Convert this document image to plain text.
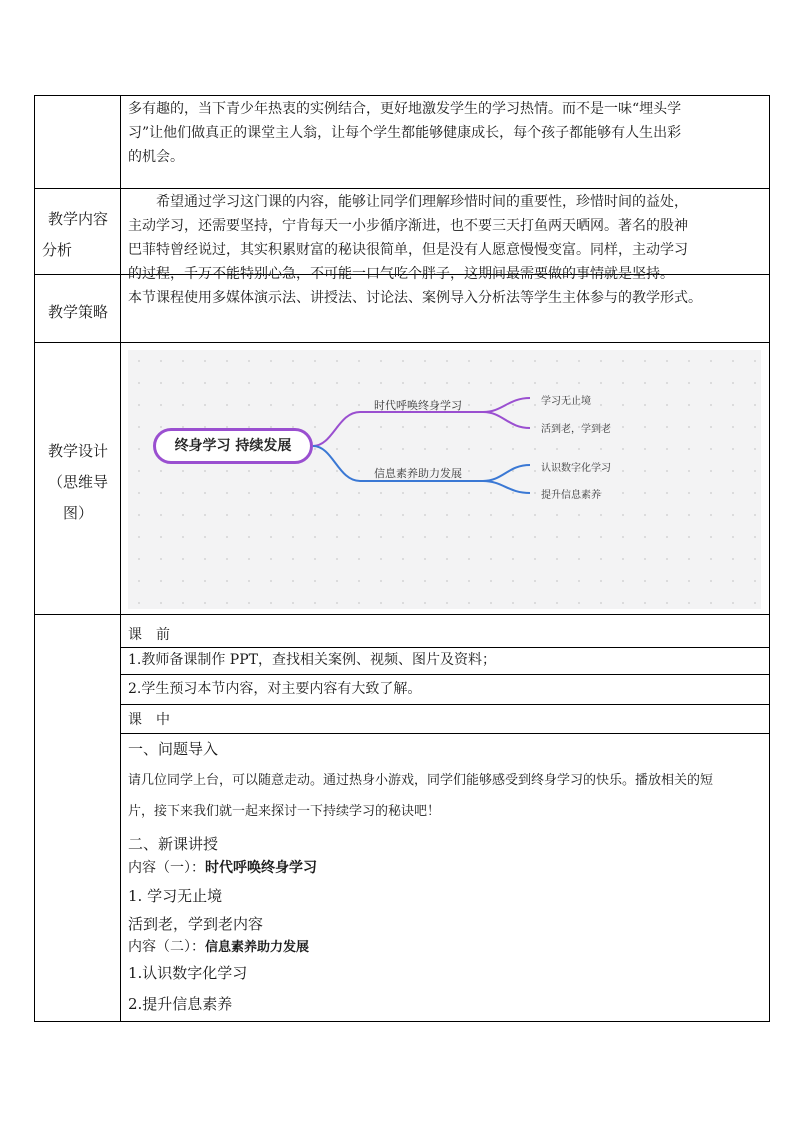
多有趣的，当下青少年热衷的实例结合，更好地激发学生的学习热情。而不是一味“埋头学
习”让他们做真正的课堂主人翁，让每个学生都能够健康成长，每个孩子都能够有人生出彩
的机会。
教学内容
分析
　　希望通过学习这门课的内容，能够让同学们理解珍惜时间的重要性，珍惜时间的益处，
主动学习，还需要坚持，宁肯每天一小步循序渐进，也不要三天打鱼两天晒网。著名的股神
巴菲特曾经说过，其实积累财富的秘诀很简单，但是没有人愿意慢慢变富。同样，主动学习
的过程，千万不能特别心急，不可能一口气吃个胖子，这期间最需要做的事情就是坚持。
教学策略
本节课程使用多媒体演示法、讲授法、讨论法、案例导入分析法等学生主体参与的教学形式。
教学设计
（思维导
图）
终身学习 持续发展
时代呼唤终身学习
信息素养助力发展
学习无止境
活到老，学到老
认识数字化学习
提升信息素养
课　前
1.教师备课制作 PPT，查找相关案例、视频、图片及资料；
2.学生预习本节内容，对主要内容有大致了解。
课　中
一、问题导入
请几位同学上台，可以随意走动。通过热身小游戏，同学们能够感受到终身学习的快乐。播放相关的短
片，接下来我们就一起来探讨一下持续学习的秘诀吧！
二、新课讲授
内容（一）：时代呼唤终身学习
1. 学习无止境
活到老，学到老内容
内容（二）：信息素养助力发展
1.认识数字化学习
2.提升信息素养
